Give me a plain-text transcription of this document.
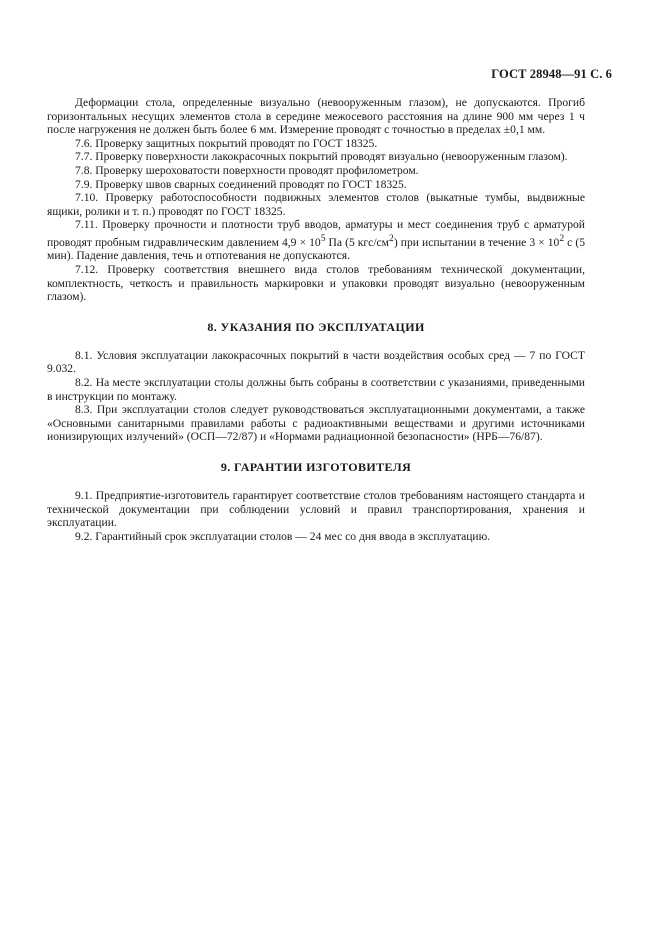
ГОСТ 28948—91 С. 6

Деформации стола, определенные визуально (невооруженным глазом), не допускаются. Прогиб горизонтальных несущих элементов стола в середине межосевого расстояния на длине 900 мм через 1 ч после нагружения не должен быть более 6 мм. Измерение проводят с точностью в пределах ±0,1 мм.

7.6. Проверку защитных покрытий проводят по ГОСТ 18325.

7.7. Проверку поверхности лакокрасочных покрытий проводят визуально (невооруженным глазом).

7.8. Проверку шероховатости поверхности проводят профилометром.

7.9. Проверку швов сварных соединений проводят по ГОСТ 18325.

7.10. Проверку работоспособности подвижных элементов столов (выкатные тумбы, выдвижные ящики, ролики и т. п.) проводят по ГОСТ 18325.

7.11. Проверку прочности и плотности труб вводов, арматуры и мест соединения труб с арматурой проводят пробным гидравлическим давлением $4,9 \times 10^5$ Па (5 кгс/$см^2$) при испытании в течение $3 \times 10^2$ с (5 мин). Падение давления, течь и отпотевания не допускаются.

7.12. Проверку соответствия внешнего вида столов требованиям технической документации, комплектность, четкость и правильность маркировки и упаковки проводят визуально (невооруженным глазом).

8. УКАЗАНИЯ ПО ЭКСПЛУАТАЦИИ

8.1. Условия эксплуатации лакокрасочных покрытий в части воздействия особых сред — 7 по ГОСТ 9.032.

8.2. На месте эксплуатации столы должны быть собраны в соответствии с указаниями, приведенными в инструкции по монтажу.

8.3. При эксплуатации столов следует руководствоваться эксплуатационными документами, а также «Основными санитарными правилами работы с радиоактивными веществами и другими источниками ионизирующих излучений» (ОСП—72/87) и «Нормами радиационной безопасности» (НРБ—76/87).

9. ГАРАНТИИ ИЗГОТОВИТЕЛЯ

9.1. Предприятие-изготовитель гарантирует соответствие столов требованиям настоящего стандарта и технической документации при соблюдении условий и правил транспортирования, хранения и эксплуатации.

9.2. Гарантийный срок эксплуатации столов — 24 мес со дня ввода в эксплуатацию.
